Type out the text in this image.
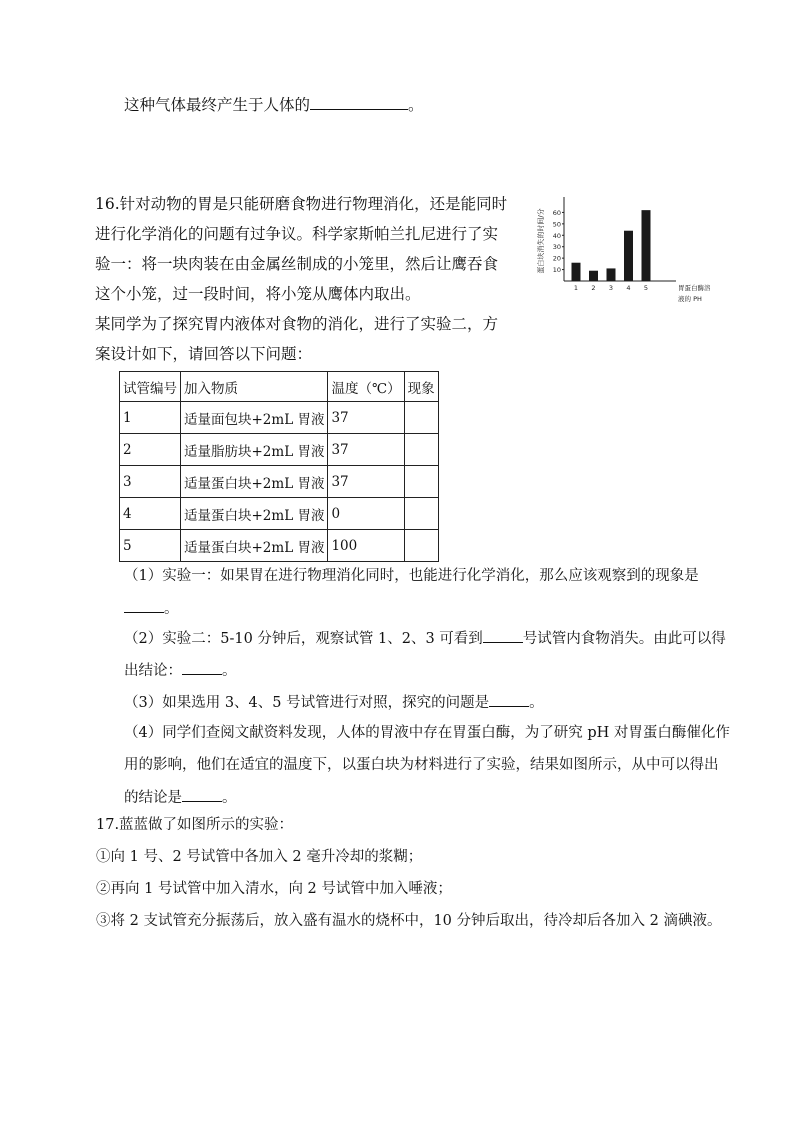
这种气体最终产生于人体的	。
16.针对动物的胃是只能研磨食物进行物理消化，还是能同时
进行化学消化的问题有过争议。科学家斯帕兰扎尼进行了实
验一：将一块肉装在由金属丝制成的小笼里，然后让鹰吞食
这个小笼，过一段时间，将小笼从鹰体内取出。
某同学为了探究胃内液体对食物的消化，进行了实验二，方
案设计如下，请回答以下问题：
10
20
30
40
50
60
1 2 3 4 5
蛋白块消失的时间/分
胃蛋白酶溶
液的 PH
试管编号	加入物质	温度（℃）	现象
1	适量面包块+2mL 胃液	37	
2	适量脂肪块+2mL 胃液	37	
3	适量蛋白块+2mL 胃液	37	
4	适量蛋白块+2mL 胃液	0	
5	适量蛋白块+2mL 胃液	100	
（1）实验一：如果胃在进行物理消化同时，也能进行化学消化，那么应该观察到的现象是
。
（2）实验二：5-10 分钟后，观察试管 1、2、3 可看到	号试管内食物消失。由此可以得
出结论：	。
（3）如果选用 3、4、5 号试管进行对照，探究的问题是	。
（4）同学们查阅文献资料发现，人体的胃液中存在胃蛋白酶，为了研究 pH 对胃蛋白酶催化作
用的影响，他们在适宜的温度下，以蛋白块为材料进行了实验，结果如图所示，从中可以得出
的结论是	。
17.蓝蓝做了如图所示的实验：
①向 1 号、2 号试管中各加入 2 毫升冷却的浆糊；
②再向 1 号试管中加入清水，向 2 号试管中加入唾液；
③将 2 支试管充分振荡后，放入盛有温水的烧杯中，10 分钟后取出，待冷却后各加入 2 滴碘液。
